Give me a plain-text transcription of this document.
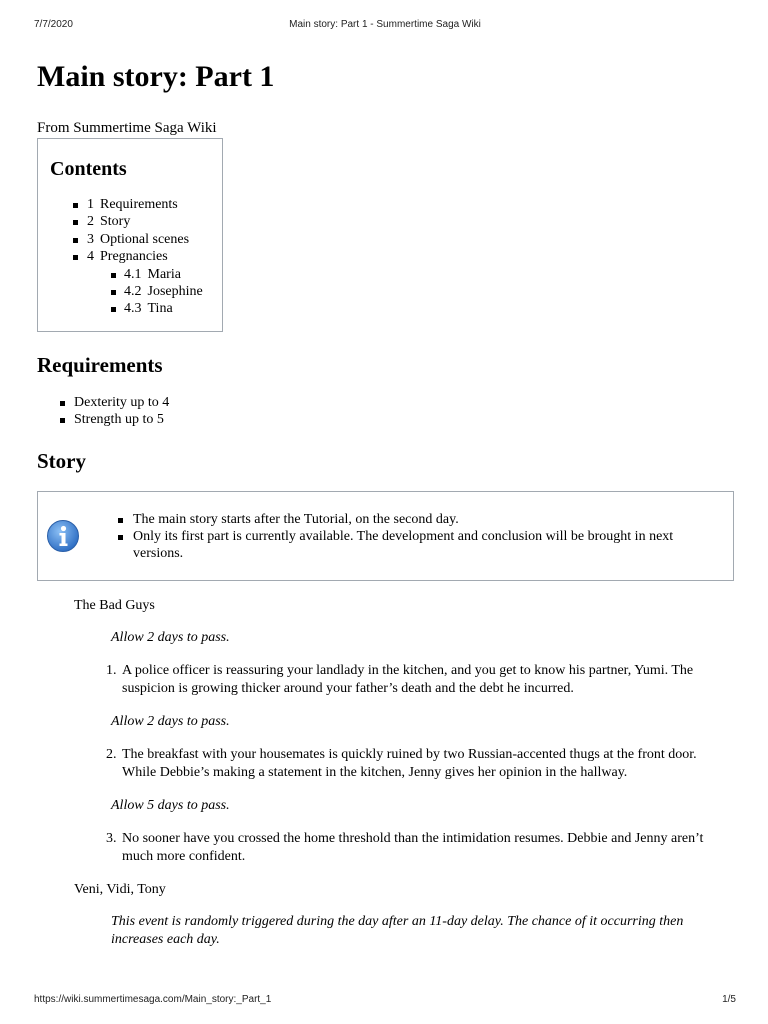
7/7/2020	Main story: Part 1 - Summertime Saga Wiki
Main story: Part 1
From Summertime Saga Wiki
Contents
1 Requirements
2 Story
3 Optional scenes
4 Pregnancies
4.1 Maria
4.2 Josephine
4.3 Tina
Requirements
Dexterity up to 4
Strength up to 5
Story
The main story starts after the Tutorial, on the second day.
Only its first part is currently available. The development and conclusion will be brought in next versions.
The Bad Guys
Allow 2 days to pass.
1. A police officer is reassuring your landlady in the kitchen, and you get to know his partner, Yumi. The suspicion is growing thicker around your father’s death and the debt he incurred.
Allow 2 days to pass.
2. The breakfast with your housemates is quickly ruined by two Russian-accented thugs at the front door. While Debbie’s making a statement in the kitchen, Jenny gives her opinion in the hallway.
Allow 5 days to pass.
3. No sooner have you crossed the home threshold than the intimidation resumes. Debbie and Jenny aren’t much more confident.
Veni, Vidi, Tony
This event is randomly triggered during the day after an 11-day delay. The chance of it occurring then increases each day.
https://wiki.summertimesaga.com/Main_story:_Part_1	1/5
